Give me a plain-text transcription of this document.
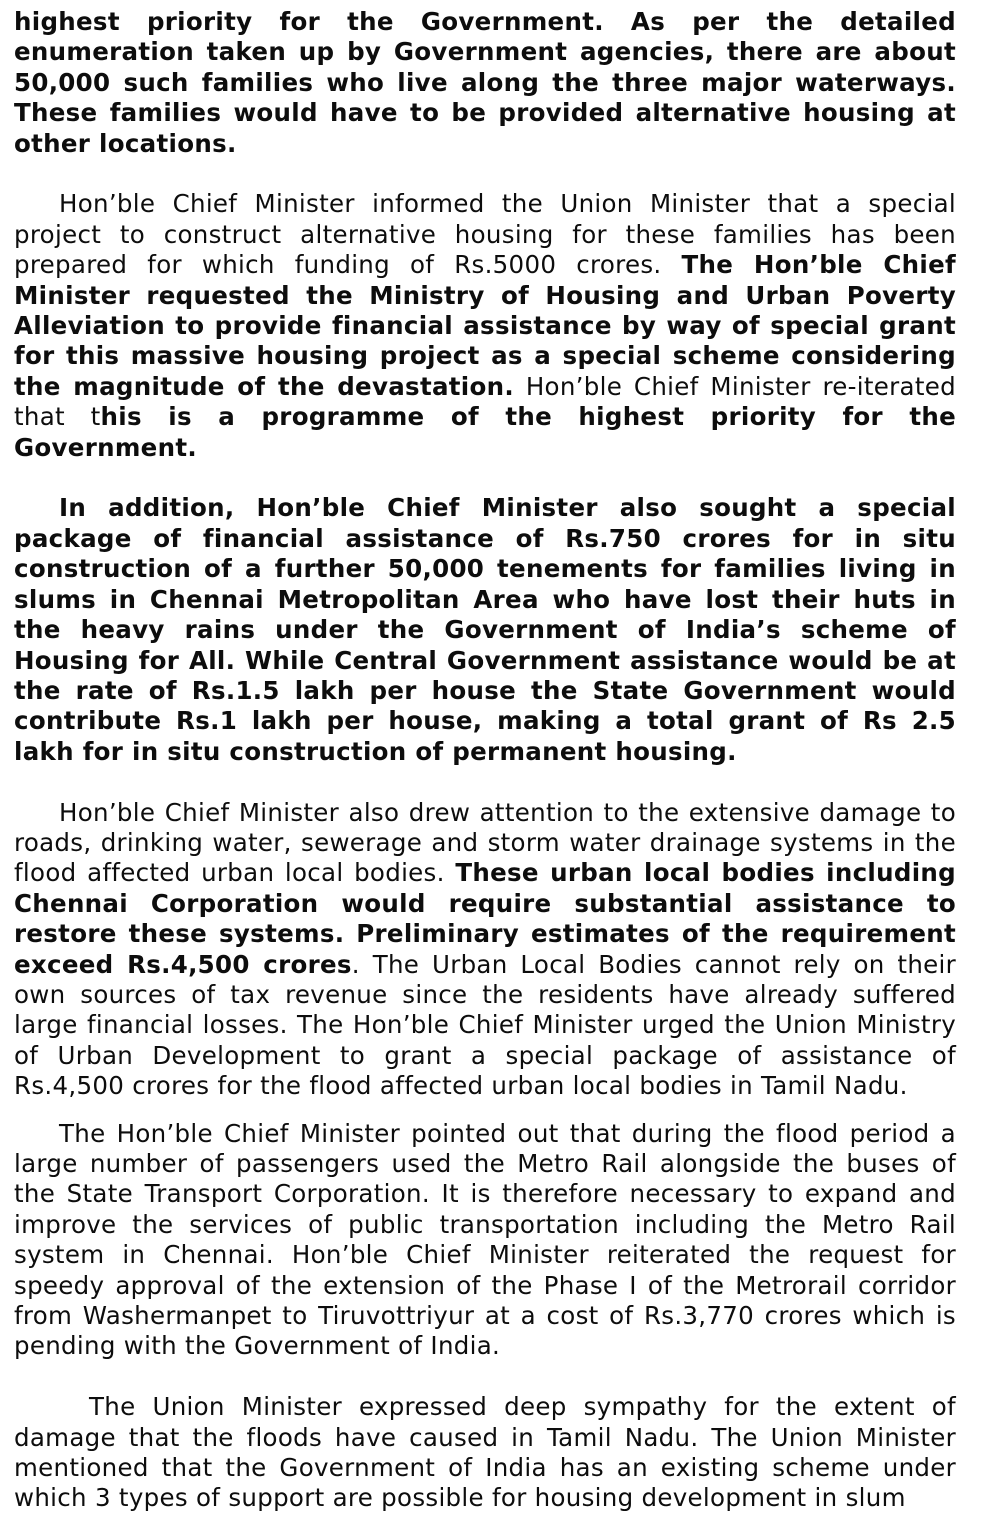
highest priority for the Government. As per the detailed enumeration taken up by Government agencies, there are about 50,000 such families who live along the three major waterways. These families would have to be provided alternative housing at other locations.

Hon’ble Chief Minister informed the Union Minister that a special project to construct alternative housing for these families has been prepared for which funding of Rs.5000 crores. The Hon’ble Chief Minister requested the Ministry of Housing and Urban Poverty Alleviation to provide financial assistance by way of special grant for this massive housing project as a special scheme considering the magnitude of the devastation. Hon’ble Chief Minister re-iterated that this is a programme of the highest priority for the Government.

In addition, Hon’ble Chief Minister also sought a special package of financial assistance of Rs.750 crores for in situ construction of a further 50,000 tenements for families living in slums in Chennai Metropolitan Area who have lost their huts in the heavy rains under the Government of India’s scheme of Housing for All. While Central Government assistance would be at the rate of Rs.1.5 lakh per house the State Government would contribute Rs.1 lakh per house, making a total grant of Rs 2.5 lakh for in situ construction of permanent housing.

Hon’ble Chief Minister also drew attention to the extensive damage to roads, drinking water, sewerage and storm water drainage systems in the flood affected urban local bodies. These urban local bodies including Chennai Corporation would require substantial assistance to restore these systems. Preliminary estimates of the requirement exceed Rs.4,500 crores. The Urban Local Bodies cannot rely on their own sources of tax revenue since the residents have already suffered large financial losses. The Hon’ble Chief Minister urged the Union Ministry of Urban Development to grant a special package of assistance of Rs.4,500 crores for the flood affected urban local bodies in Tamil Nadu.

The Hon’ble Chief Minister pointed out that during the flood period a large number of passengers used the Metro Rail alongside the buses of the State Transport Corporation. It is therefore necessary to expand and improve the services of public transportation including the Metro Rail system in Chennai. Hon’ble Chief Minister reiterated the request for speedy approval of the extension of the Phase I of the Metrorail corridor from Washermanpet to Tiruvottriyur at a cost of Rs.3,770 crores which is pending with the Government of India.

The Union Minister expressed deep sympathy for the extent of damage that the floods have caused in Tamil Nadu. The Union Minister mentioned that the Government of India has an existing scheme under which 3 types of support are possible for housing development in slum
